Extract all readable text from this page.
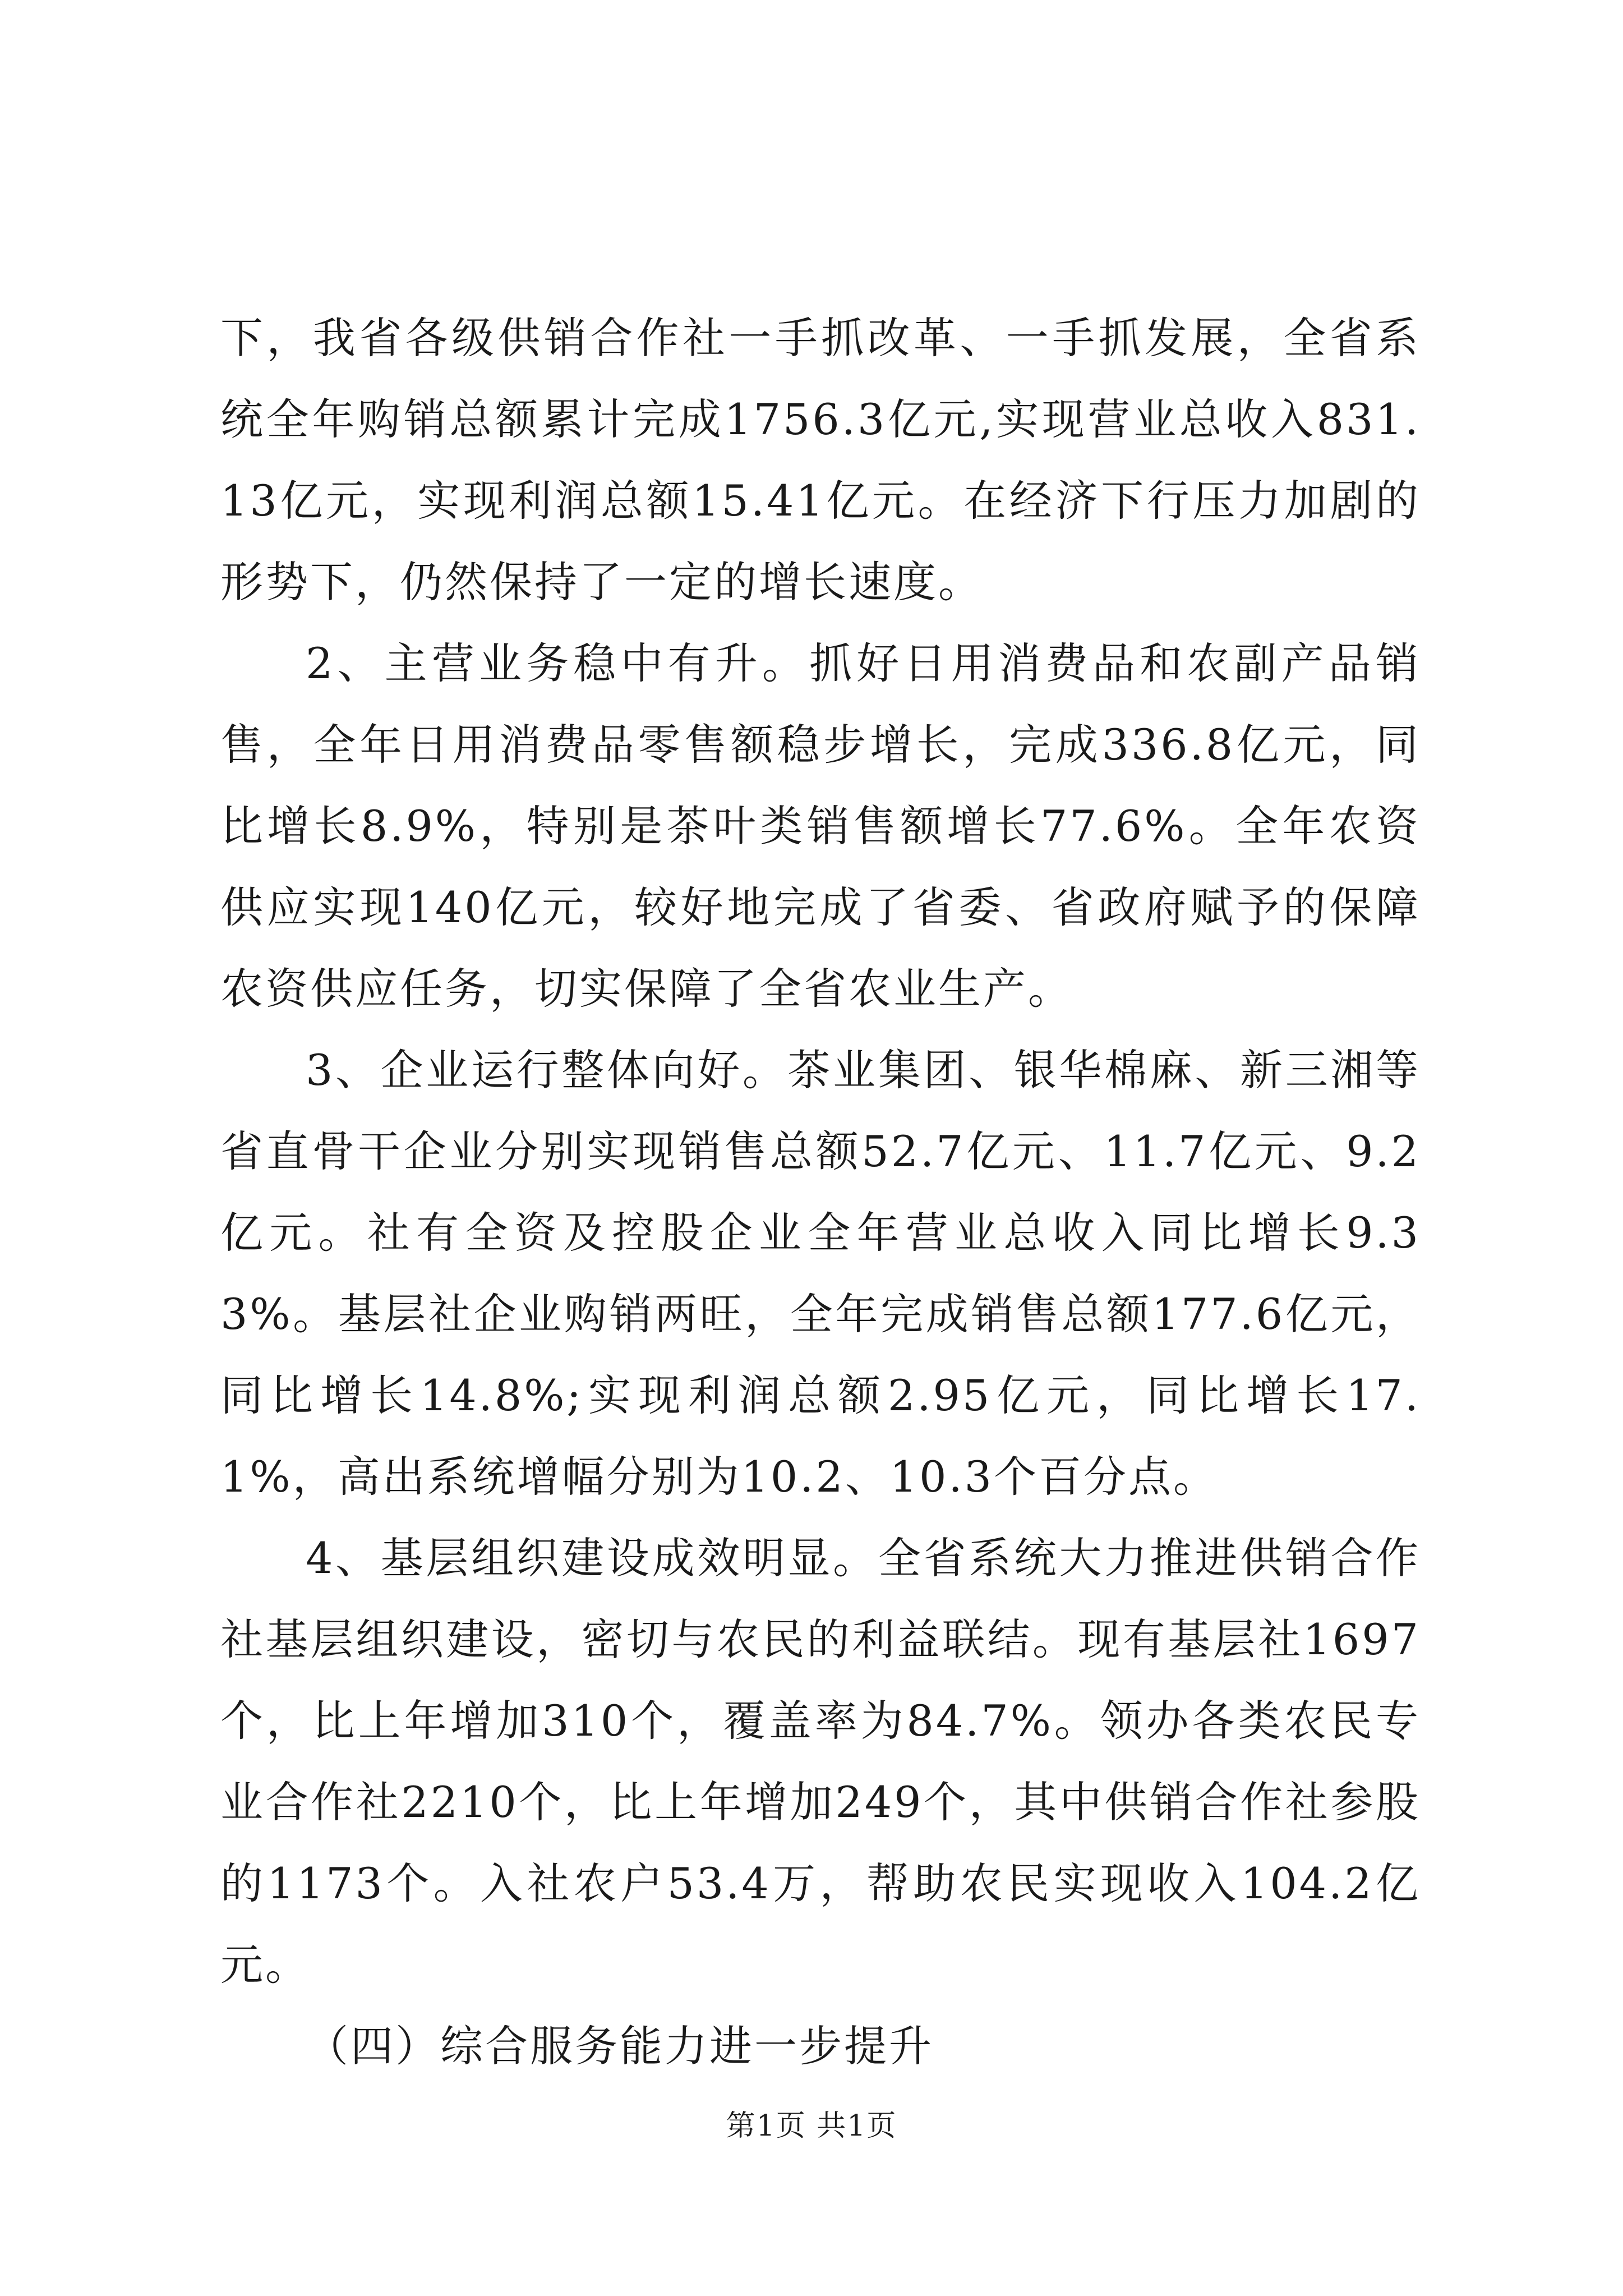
下，我省各级供销合作社一手抓改革、一手抓发展，全省系统全年购销总额累计完成1756.3亿元,实现营业总收入831.13亿元，实现利润总额15.41亿元。在经济下行压力加剧的形势下，仍然保持了一定的增长速度。

2、主营业务稳中有升。抓好日用消费品和农副产品销售，全年日用消费品零售额稳步增长，完成336.8亿元，同比增长8.9%，特别是茶叶类销售额增长77.6%。全年农资供应实现140亿元，较好地完成了省委、省政府赋予的保障农资供应任务，切实保障了全省农业生产。

3、企业运行整体向好。茶业集团、银华棉麻、新三湘等省直骨干企业分别实现销售总额52.7亿元、11.7亿元、9.2亿元。社有全资及控股企业全年营业总收入同比增长9.33%。基层社企业购销两旺，全年完成销售总额177.6亿元，同比增长14.8%;实现利润总额2.95亿元，同比增长17.1%，高出系统增幅分别为10.2、10.3个百分点。

4、基层组织建设成效明显。全省系统大力推进供销合作社基层组织建设，密切与农民的利益联结。现有基层社1697个，比上年增加310个，覆盖率为84.7%。领办各类农民专业合作社2210个，比上年增加249个，其中供销合作社参股的1173个。入社农户53.4万，帮助农民实现收入104.2亿元。

（四）综合服务能力进一步提升

第1页 共1页
